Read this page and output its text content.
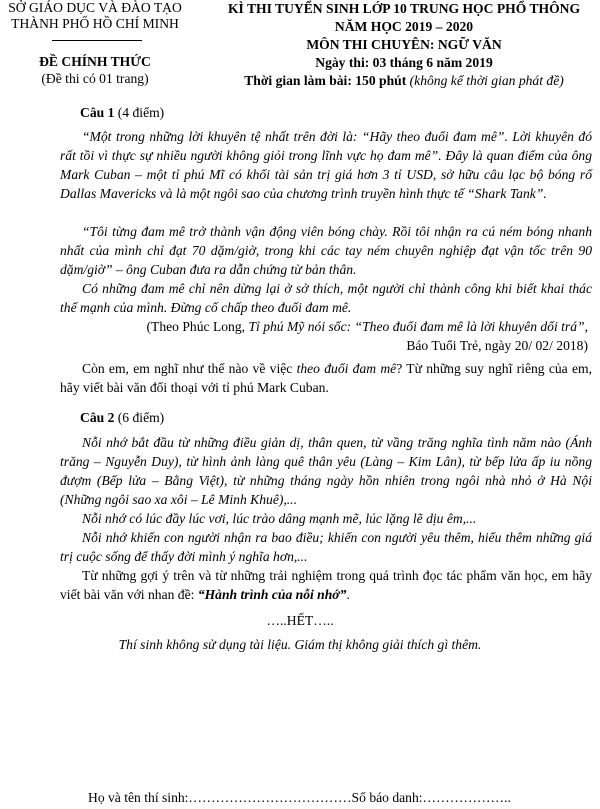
SỞ GIÁO DỤC VÀ ĐÀO TẠO
THÀNH PHỐ HỒ CHÍ MINH
ĐỀ CHÍNH THỨC
(Đề thi có 01 trang)
KÌ THI TUYỂN SINH LỚP 10 TRUNG HỌC PHỔ THÔNG
NĂM HỌC 2019 – 2020
MÔN THI CHUYÊN: NGỮ VĂN
Ngày thi: 03 tháng 6 năm 2019
Thời gian làm bài: 150 phút (không kể thời gian phát đề)
Câu 1 (4 điểm)
“Một trong những lời khuyên tệ nhất trên đời là: “Hãy theo đuổi đam mê”. Lời khuyên đó rất tồi vì thực sự nhiều người không giỏi trong lĩnh vực họ đam mê”. Đây là quan điểm của ông Mark Cuban – một tỉ phú Mĩ có khối tài sản trị giá hơn 3 tỉ USD, sở hữu câu lạc bộ bóng rổ Dallas Mavericks và là một ngôi sao của chương trình truyền hình thực tế “Shark Tank”.
“Tôi từng đam mê trở thành vận động viên bóng chày. Rồi tôi nhận ra cú ném bóng nhanh nhất của mình chỉ đạt 70 dặm/giờ, trong khi các tay ném chuyên nghiệp đạt vận tốc trên 90 dặm/giờ” – ông Cuban đưa ra dẫn chứng từ bản thân.
Có những đam mê chỉ nên dừng lại ở sở thích, một người chỉ thành công khi biết khai thác thế mạnh của mình. Đừng cố chấp theo đuổi đam mê.
(Theo Phúc Long, Tỉ phú Mỹ nói sốc: “Theo đuổi đam mê là lời khuyên dối trá”,
Báo Tuổi Trẻ, ngày 20/ 02/ 2018)
Còn em, em nghĩ như thế nào về việc theo đuổi đam mê? Từ những suy nghĩ riêng của em, hãy viết bài văn đối thoại với tỉ phú Mark Cuban.
Câu 2 (6 điểm)
Nỗi nhớ bắt đầu từ những điều giản dị, thân quen, từ vầng trăng nghĩa tình năm nào (Ánh trăng – Nguyễn Duy), từ hình ảnh làng quê thân yêu (Làng – Kim Lân), từ bếp lửa ấp iu nồng đượm (Bếp lửa – Bằng Việt), từ những tháng ngày hồn nhiên trong ngôi nhà nhỏ ở Hà Nội (Những ngôi sao xa xôi – Lê Minh Khuê),...
Nỗi nhớ có lúc đầy lúc vơi, lúc trào dâng mạnh mẽ, lúc lặng lẽ dịu êm,...
Nỗi nhớ khiến con người nhận ra bao điều; khiến con người yêu thêm, hiểu thêm những giá trị cuộc sống để thấy đời mình ý nghĩa hơn,...
Từ những gợi ý trên và từ những trải nghiệm trong quá trình đọc tác phẩm văn học, em hãy viết bài văn với nhan đề: “Hành trình của nỗi nhớ”.
…..HẾT…..
Thí sinh không sử dụng tài liệu. Giám thị không giải thích gì thêm.
Họ và tên thí sinh:………………………………Số báo danh:………………..
